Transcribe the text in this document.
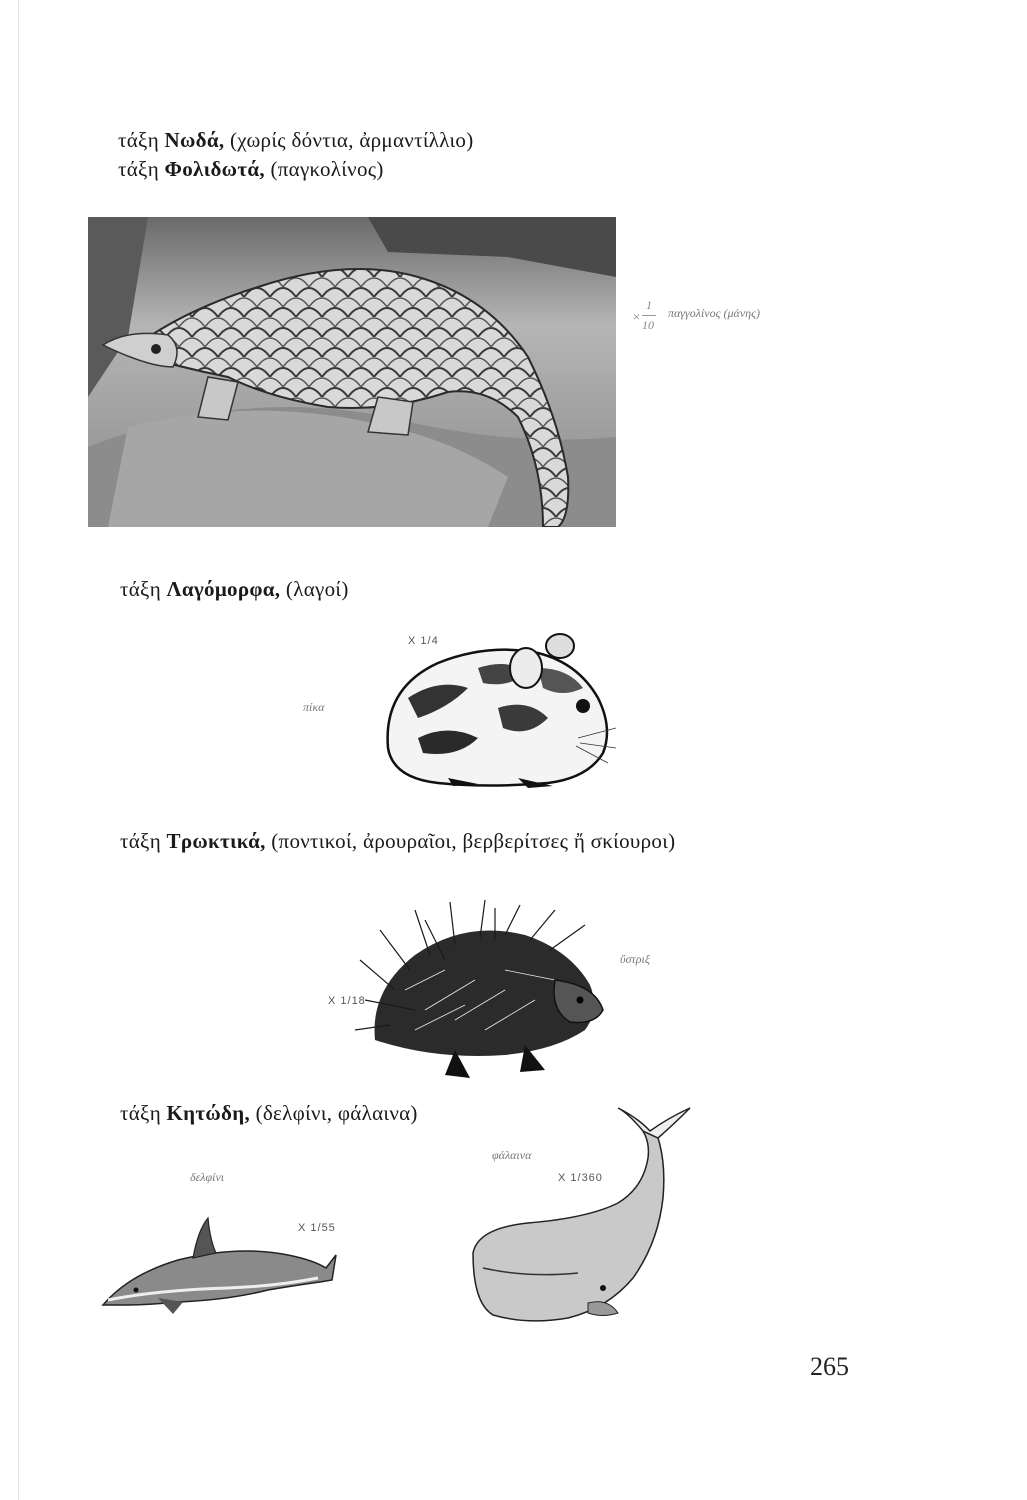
τάξη Νωδά, (χωρίς δόντια, ἀρμαντίλλιο)
τάξη Φολιδωτά, (παγκολίνος)
×
1
10
παγγολίνος (μάνης)
τάξη Λαγόμορφα, (λαγοί)
X 1/4
πίκα
τάξη Τρωκτικά, (ποντικοί, ἀρουραῖοι, βερβερίτσες ἤ σκίουροι)
X 1/18
ὕστριξ
τάξη Κητώδη, (δελφίνι, φάλαινα)
δελφίνι
X 1/55
φάλαινα
X 1/360
265
